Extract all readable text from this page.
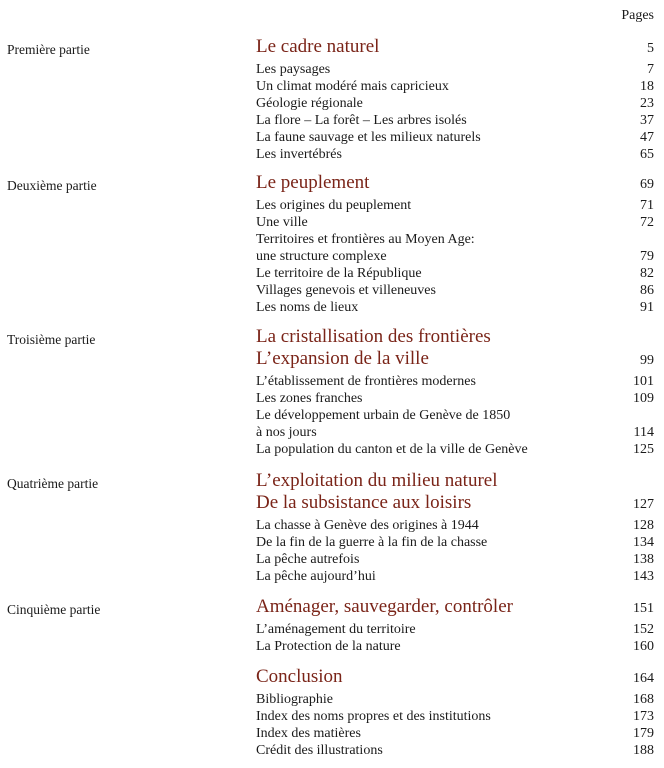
Pages
Première partie	Le cadre naturel	5
Les paysages	7
Un climat modéré mais capricieux	18
Géologie régionale	23
La flore – La forêt – Les arbres isolés	37
La faune sauvage et les milieux naturels	47
Les invertébrés	65
Deuxième partie	Le peuplement	69
Les origines du peuplement	71
Une ville	72
Territoires et frontières au Moyen Age:
une structure complexe	79
Le territoire de la République	82
Villages genevois et villeneuves	86
Les noms de lieux	91
Troisième partie	La cristallisation des frontières
L’expansion de la ville	99
L’établissement de frontières modernes	101
Les zones franches	109
Le développement urbain de Genève de 1850
à nos jours	114
La population du canton et de la ville de Genève	125
Quatrième partie	L’exploitation du milieu naturel
De la subsistance aux loisirs	127
La chasse à Genève des origines à 1944	128
De la fin de la guerre à la fin de la chasse	134
La pêche autrefois	138
La pêche aujourd’hui	143
Cinquième partie	Aménager, sauvegarder, contrôler	151
L’aménagement du territoire	152
La Protection de la nature	160
Conclusion	164
Bibliographie	168
Index des noms propres et des institutions	173
Index des matières	179
Crédit des illustrations	188
